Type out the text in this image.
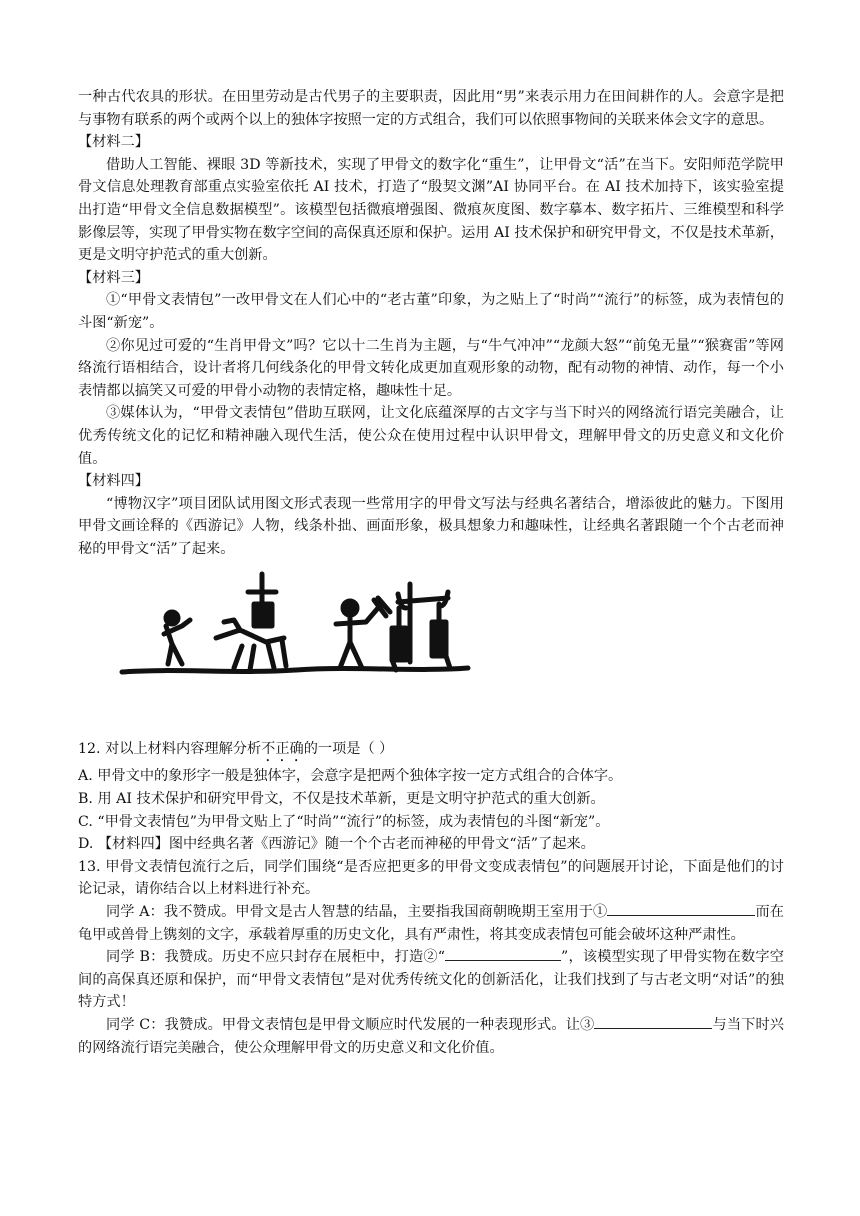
一种古代农具的形状。在田里劳动是古代男子的主要职责，因此用“男”来表示用力在田间耕作的人。会意字是把与事物有联系的两个或两个以上的独体字按照一定的方式组合，我们可以依照事物间的关联来体会文字的意思。

【材料二】

借助人工智能、裸眼 3D 等新技术，实现了甲骨文的数字化“重生”，让甲骨文“活”在当下。安阳师范学院甲骨文信息处理教育部重点实验室依托 AI 技术，打造了“殷契文渊”AI 协同平台。在 AI 技术加持下，该实验室提出打造“甲骨文全信息数据模型”。该模型包括微痕增强图、微痕灰度图、数字摹本、数字拓片、三维模型和科学影像层等，实现了甲骨实物在数字空间的高保真还原和保护。运用 AI 技术保护和研究甲骨文，不仅是技术革新，更是文明守护范式的重大创新。

【材料三】

①“甲骨文表情包”一改甲骨文在人们心中的“老古董”印象，为之贴上了“时尚”“流行”的标签，成为表情包的斗图“新宠”。

②你见过可爱的“生肖甲骨文”吗？它以十二生肖为主题，与“牛气冲冲”“龙颜大怒”“前兔无量”“猴赛雷”等网络流行语相结合，设计者将几何线条化的甲骨文转化成更加直观形象的动物，配有动物的神情、动作，每一个小表情都以搞笑又可爱的甲骨小动物的表情定格，趣味性十足。

③媒体认为，“甲骨文表情包”借助互联网，让文化底蕴深厚的古文字与当下时兴的网络流行语完美融合，让优秀传统文化的记忆和精神融入现代生活，使公众在使用过程中认识甲骨文，理解甲骨文的历史意义和文化价值。

【材料四】

“博物汉字”项目团队试用图文形式表现一些常用字的甲骨文写法与经典名著结合，增添彼此的魅力。下图用甲骨文画诠释的《西游记》人物，线条朴拙、画面形象，极具想象力和趣味性，让经典名著跟随一个个古老而神秘的甲骨文“活”了起来。

12. 对以上材料内容理解分析不正确的一项是（ ）

A. 甲骨文中的象形字一般是独体字，会意字是把两个独体字按一定方式组合的合体字。

B. 用 AI 技术保护和研究甲骨文，不仅是技术革新，更是文明守护范式的重大创新。

C. “甲骨文表情包”为甲骨文贴上了“时尚”“流行”的标签，成为表情包的斗图“新宠”。

D. 【材料四】图中经典名著《西游记》随一个个古老而神秘的甲骨文“活”了起来。

13. 甲骨文表情包流行之后，同学们围绕“是否应把更多的甲骨文变成表情包”的问题展开讨论，下面是他们的讨论记录，请你结合以上材料进行补充。

同学 A：我不赞成。甲骨文是古人智慧的结晶，主要指我国商朝晚期王室用于①	而在龟甲或兽骨上镌刻的文字，承载着厚重的历史文化，具有严肃性，将其变成表情包可能会破坏这种严肃性。

同学 B：我赞成。历史不应只封存在展柜中，打造②“	”，该模型实现了甲骨实物在数字空间的高保真还原和保护，而“甲骨文表情包”是对优秀传统文化的创新活化，让我们找到了与古老文明“对话”的独特方式！

同学 C：我赞成。甲骨文表情包是甲骨文顺应时代发展的一种表现形式。让③	与当下时兴的网络流行语完美融合，使公众理解甲骨文的历史意义和文化价值。
